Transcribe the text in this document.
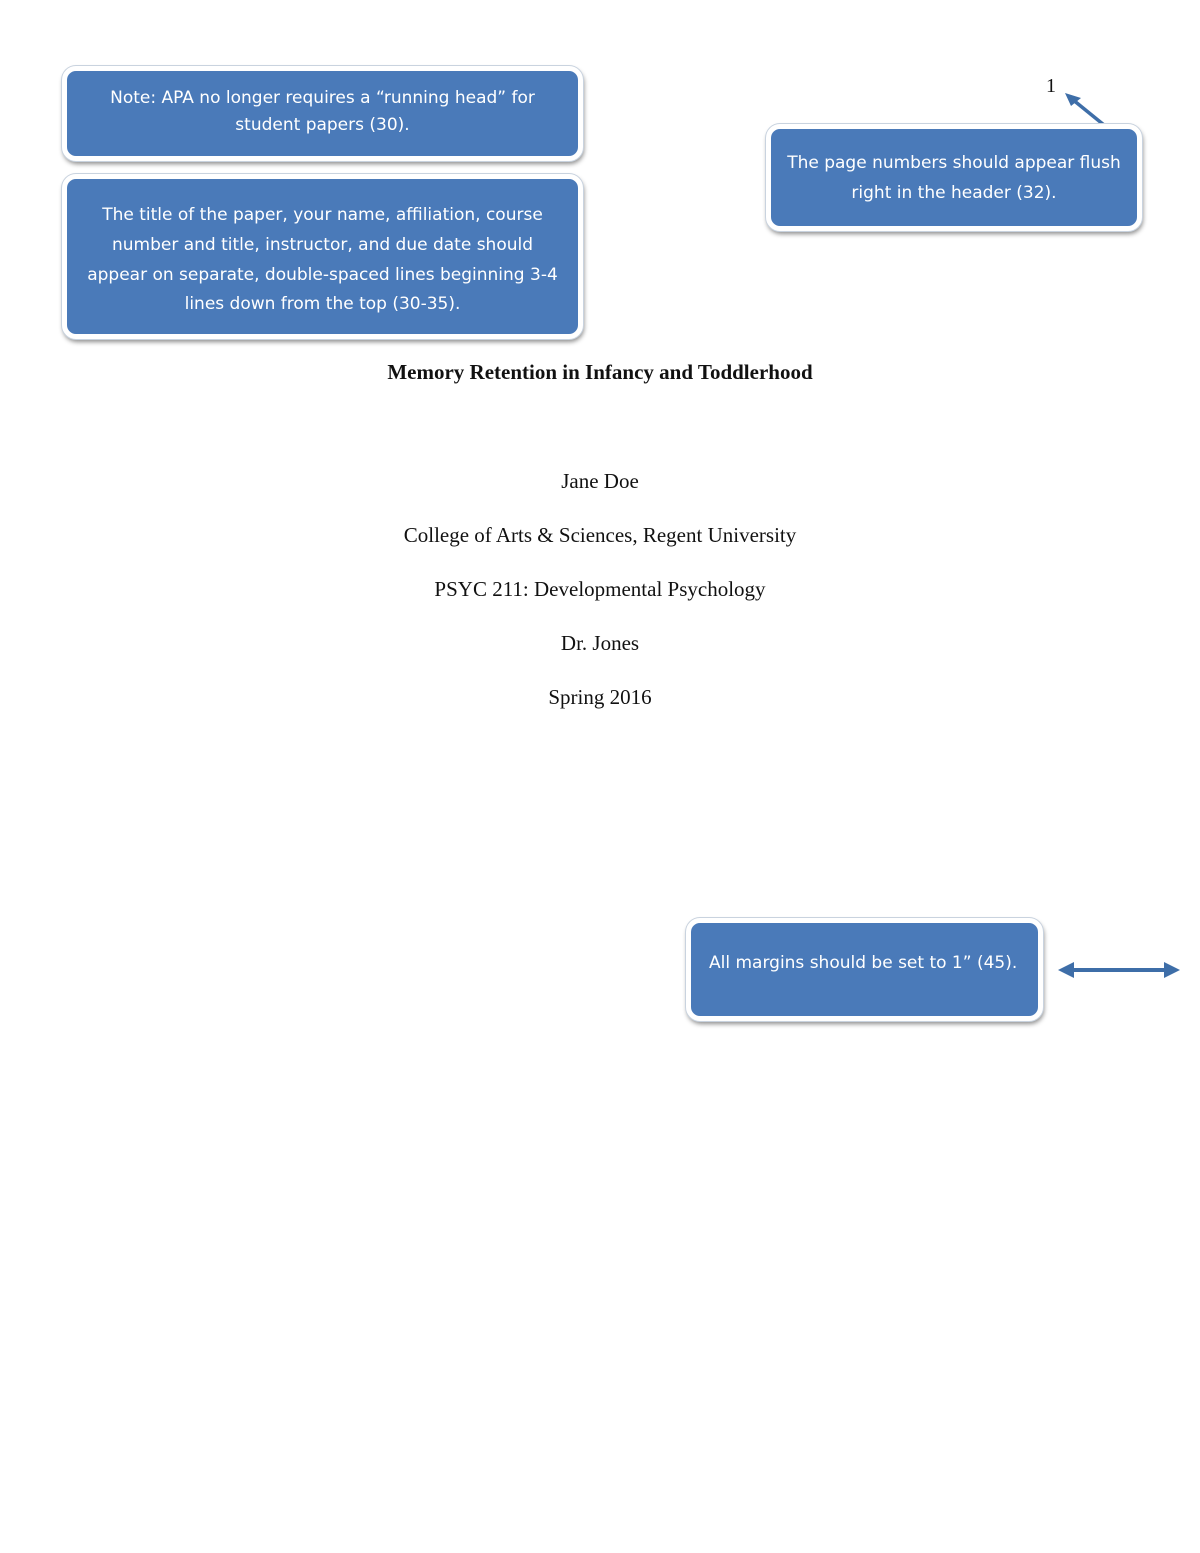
Note: APA no longer requires a “running head” for student papers (30).
The title of the paper, your name, affiliation, course number and title, instructor, and due date should appear on separate, double-spaced lines beginning 3-4 lines down from the top (30-35).
1
The page numbers should appear flush right in the header (32).

Memory Retention in Infancy and Toddlerhood

Jane Doe
College of Arts & Sciences, Regent University
PSYC 211: Developmental Psychology
Dr. Jones
Spring 2016
All margins should be set to 1” (45).
